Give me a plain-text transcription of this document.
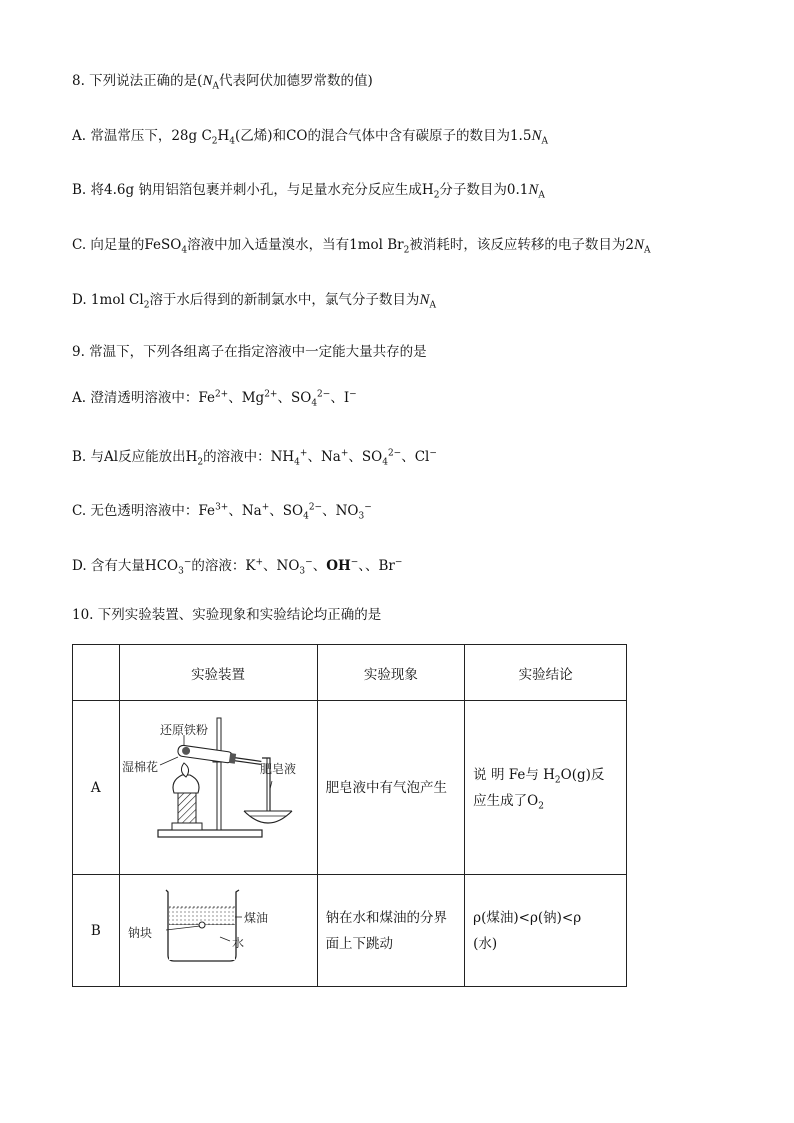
8. 下列说法正确的是($N_A$代表阿伏加德罗常数的值)
A. 常温常压下，28g $C_2H_4$(乙烯)和CO的混合气体中含有碳原子的数目为$1.5N_A$
B. 将4.6g 钠用铝箔包裹并刺小孔，与足量水充分反应生成$H_2$分子数目为$0.1N_A$
C. 向足量的FeSO$_4$溶液中加入适量溴水，当有1mol $Br_2$被消耗时，该反应转移的电子数目为$2N_A$
D. 1mol $Cl_2$溶于水后得到的新制氯水中，氯气分子数目为$N_A$
9. 常温下，下列各组离子在指定溶液中一定能大量共存的是
A. 澄清透明溶液中：$Fe^{2+}$、$Mg^{2+}$、$SO_4^{2-}$、I−
B. 与Al反应能放出$H_2$的溶液中：$NH_4^+$、Na+、$SO_4^{2-}$、Cl−
C. 无色透明溶液中：$Fe^{3+}$、Na+、$SO_4^{2-}$、$NO_3^-$
D. 含有大量$HCO_3^-$的溶液：K+、$NO_3^-$、OH−、、Br−
10. 下列实验装置、实验现象和实验结论均正确的是
	实验装置	实验现象	实验结论
A	还原铁粉
湿棉花 肥皂液	肥皂液中有气泡产生	说 明 Fe与 $H_2O(g)$反
应生成了$O_2$

B	煤油
钠块
水	钠在水和煤油的分界
面上下跳动	ρ(煤油)<ρ(钠)<ρ
(水)
